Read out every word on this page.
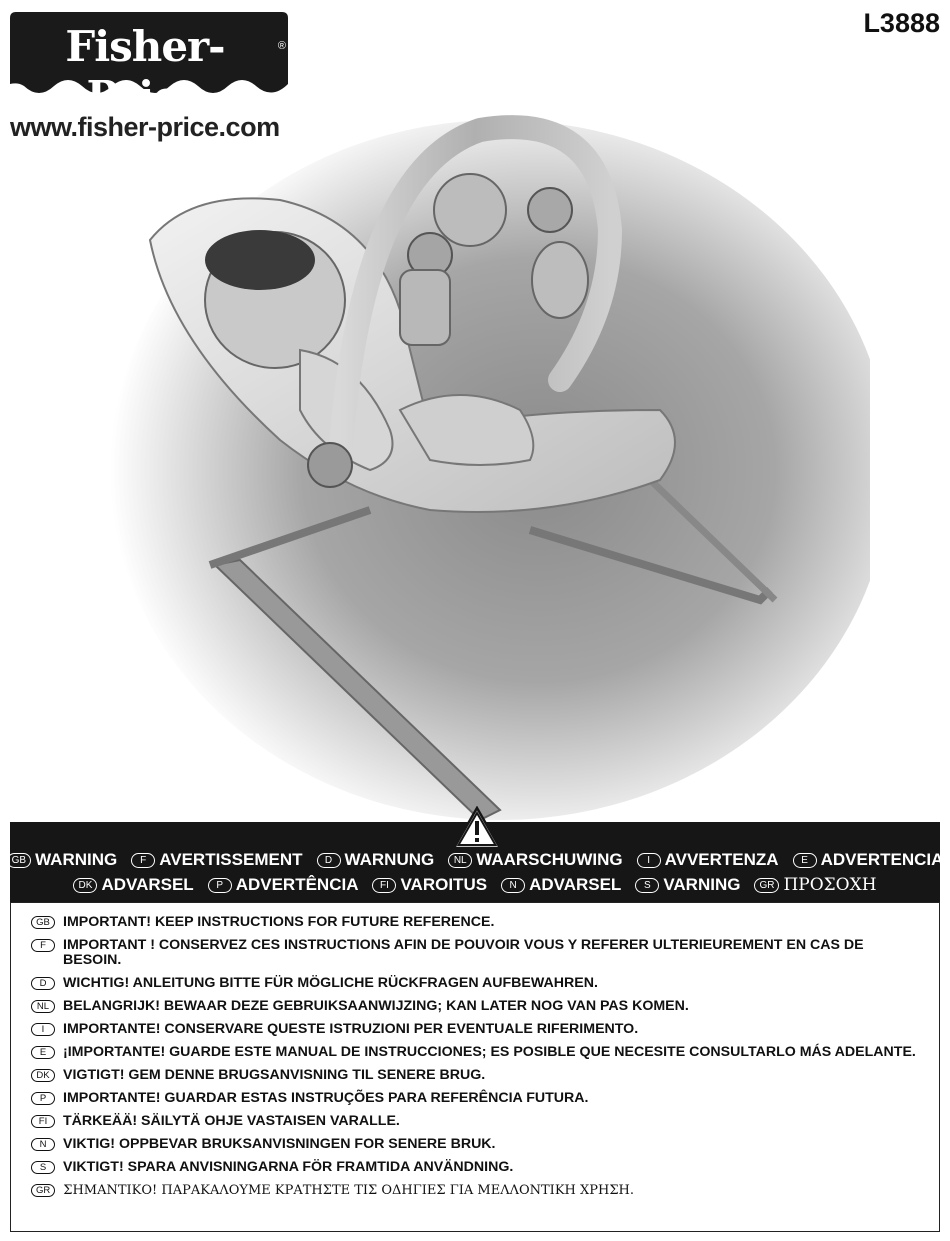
Fisher-Price
®
www.fisher-price.com
L3888
GB WARNING	F AVERTISSEMENT	D WARNUNG	NL WAARSCHUWING	I AVVERTENZA	E ADVERTENCIA
DK ADVARSEL	P ADVERTÊNCIA	FI VAROITUS	N ADVARSEL	S VARNING	GR ΠΡΟΣΟΧΗ
GB IMPORTANT! KEEP INSTRUCTIONS FOR FUTURE REFERENCE.
F	IMPORTANT ! CONSERVEZ CES INSTRUCTIONS AFIN DE POUVOIR VOUS Y REFERER ULTERIEUREMENT EN CAS DE BESOIN.
D	WICHTIG! ANLEITUNG BITTE FÜR MÖGLICHE RÜCKFRAGEN AUFBEWAHREN.
NL BELANGRIJK! BEWAAR DEZE GEBRUIKSAANWIJZING; KAN LATER NOG VAN PAS KOMEN.
I	IMPORTANTE! CONSERVARE QUESTE ISTRUZIONI PER EVENTUALE RIFERIMENTO.
E	¡IMPORTANTE! GUARDE ESTE MANUAL DE INSTRUCCIONES; ES POSIBLE QUE NECESITE CONSULTARLO MÁS ADELANTE.
DK VIGTIGT! GEM DENNE BRUGSANVISNING TIL SENERE BRUG.
P	IMPORTANTE! GUARDAR ESTAS INSTRUÇÕES PARA REFERÊNCIA FUTURA.
FI	TÄRKEÄÄ! SÄILYTÄ OHJE VASTAISEN VARALLE.
N	VIKTIG! OPPBEVAR BRUKSANVISNINGEN FOR SENERE BRUK.
S	VIKTIGT! SPARA ANVISNINGARNA FÖR FRAMTIDA ANVÄNDNING.
GR	ΣΗΜΑΝΤΙΚΟ! ΠΑΡΑΚΑΛΟΥΜΕ ΚΡΑΤΗΣΤΕ ΤΙΣ ΟΔΗΓΙΕΣ ΓΙΑ ΜΕΛΛΟΝΤΙΚΗ ΧΡΗΣΗ.
